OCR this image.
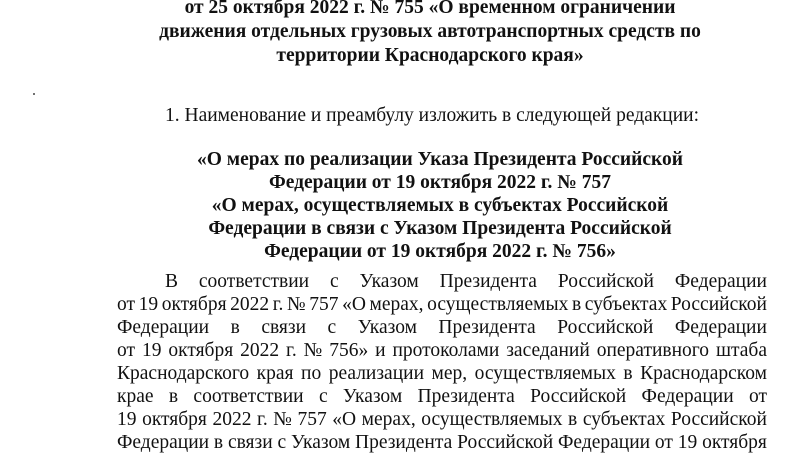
от 25 октября 2022 г. № 755 «О временном ограничении
движения отдельных грузовых автотранспортных средств по
территории Краснодарского края»
1. Наименование и преамбулу изложить в следующей редакции:
«О мерах по реализации Указа Президента Российской
Федерации от 19 октября 2022 г. № 757
«О мерах, осуществляемых в субъектах Российской
Федерации в связи с Указом Президента Российской
Федерации от 19 октября 2022 г. № 756»
В соответствии с Указом Президента Российской Федерации
от 19 октября 2022 г. № 757 «О мерах, осуществляемых в субъектах Российской
Федерации в связи с Указом Президента Российской Федерации
от 19 октября 2022 г. № 756» и протоколами заседаний оперативного штаба
Краснодарского края по реализации мер, осуществляемых в Краснодарском
крае в соответствии с Указом Президента Российской Федерации от
19 октября 2022 г. № 757 «О мерах, осуществляемых в субъектах Российской
Федерации в связи с Указом Президента Российской Федерации от 19 октября
